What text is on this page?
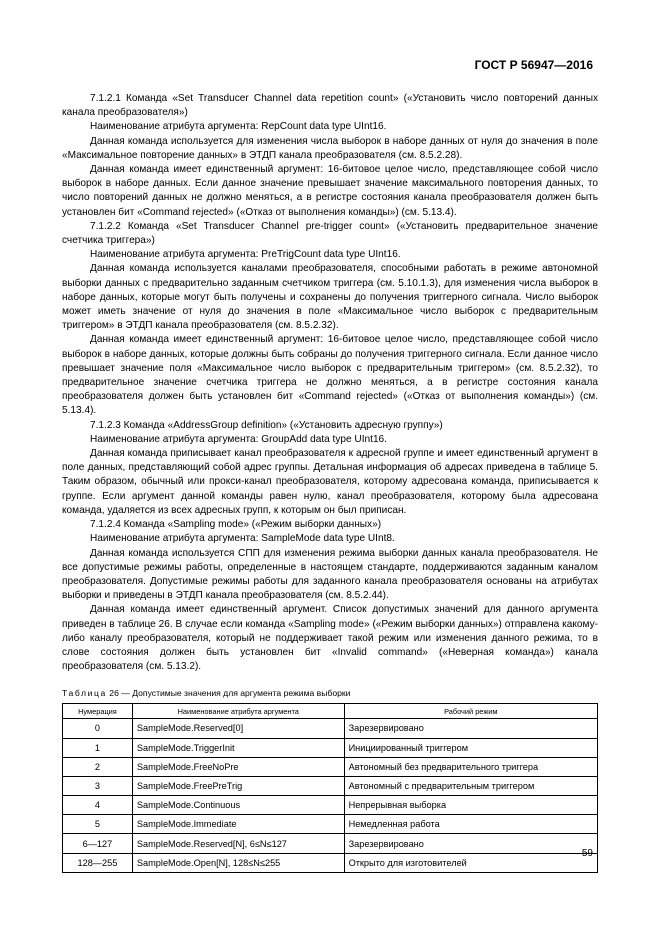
ГОСТ Р 56947—2016

7.1.2.1 Команда «Set Transducer Channel data repetition count» («Установить число повторений данных канала преобразователя»)

Наименование атрибута аргумента: RepCount data type UInt16.

Данная команда используется для изменения числа выборок в наборе данных от нуля до значения в поле «Максимальное повторение данных» в ЭТДП канала преобразователя (см. 8.5.2.28).

Данная команда имеет единственный аргумент: 16-битовое целое число, представляющее собой число выборок в наборе данных. Если данное значение превышает значение максимального повторения данных, то число повторений данных не должно меняться, а в регистре состояния канала преобразователя должен быть установлен бит «Command rejected» («Отказ от выполнения команды») (см. 5.13.4).

7.1.2.2 Команда «Set Transducer Channel pre-trigger count» («Установить предварительное значение счетчика триггера»)

Наименование атрибута аргумента: PreTrigCount data type UInt16.

Данная команда используется каналами преобразователя, способными работать в режиме автономной выборки данных с предварительно заданным счетчиком триггера (см. 5.10.1.3), для изменения числа выборок в наборе данных, которые могут быть получены и сохранены до получения триггерного сигнала. Число выборок может иметь значение от нуля до значения в поле «Максимальное число выборок с предварительным триггером» в ЭТДП канала преобразователя (см. 8.5.2.32).

Данная команда имеет единственный аргумент: 16-битовое целое число, представляющее собой число выборок в наборе данных, которые должны быть собраны до получения триггерного сигнала. Если данное число превышает значение поля «Максимальное число выборок с предварительным триггером» (см. 8.5.2.32), то предварительное значение счетчика триггера не должно меняться, а в регистре состояния канала преобразователя должен быть установлен бит «Command rejected» («Отказ от выполнения команды») (см. 5.13.4).

7.1.2.3 Команда «AddressGroup definition» («Установить адресную группу»)

Наименование атрибута аргумента: GroupAdd data type UInt16.

Данная команда приписывает канал преобразователя к адресной группе и имеет единственный аргумент в поле данных, представляющий собой адрес группы. Детальная информация об адресах приведена в таблице 5. Таким образом, обычный или прокси-канал преобразователя, которому адресована команда, приписывается к группе. Если аргумент данной команды равен нулю, канал преобразователя, которому была адресована команда, удаляется из всех адресных групп, к которым он был приписан.

7.1.2.4 Команда «Sampling mode» («Режим выборки данных»)

Наименование атрибута аргумента: SampleMode data type UInt8.

Данная команда используется СПП для изменения режима выборки данных канала преобразователя. Не все допустимые режимы работы, определенные в настоящем стандарте, поддерживаются заданным каналом преобразователя. Допустимые режимы работы для заданного канала преобразователя основаны на атрибутах выборки и приведены в ЭТДП канала преобразователя (см. 8.5.2.44).

Данная команда имеет единственный аргумент. Список допустимых значений для данного аргумента приведен в таблице 26. В случае если команда «Sampling mode» («Режим выборки данных») отправлена какому-либо каналу преобразователя, который не поддерживает такой режим или изменения данного режима, то в слове состояния должен быть установлен бит «Invalid command» («Неверная команда») канала преобразователя (см. 5.13.2).

Таблица 26 — Допустимые значения для аргумента режима выборки
Нумерация	Наименование атрибута аргумента	Рабочий режим
0	SampleMode.Reserved[0]	Зарезервировано
1	SampleMode.TriggerInit	Инициированный триггером
2	SampleMode.FreeNoPre	Автономный без предварительного триггера
3	SampleMode.FreePreTrig	Автономный с предварительным триггером
4	SampleMode.Continuous	Непрерывная выборка
5	SampleMode.Immediate	Немедленная работа
6—127	SampleMode.Reserved[N], 6≤N≤127	Зарезервировано
128—255	SampleMode.Open[N], 128≤N≤255	Открыто для изготовителей
59
